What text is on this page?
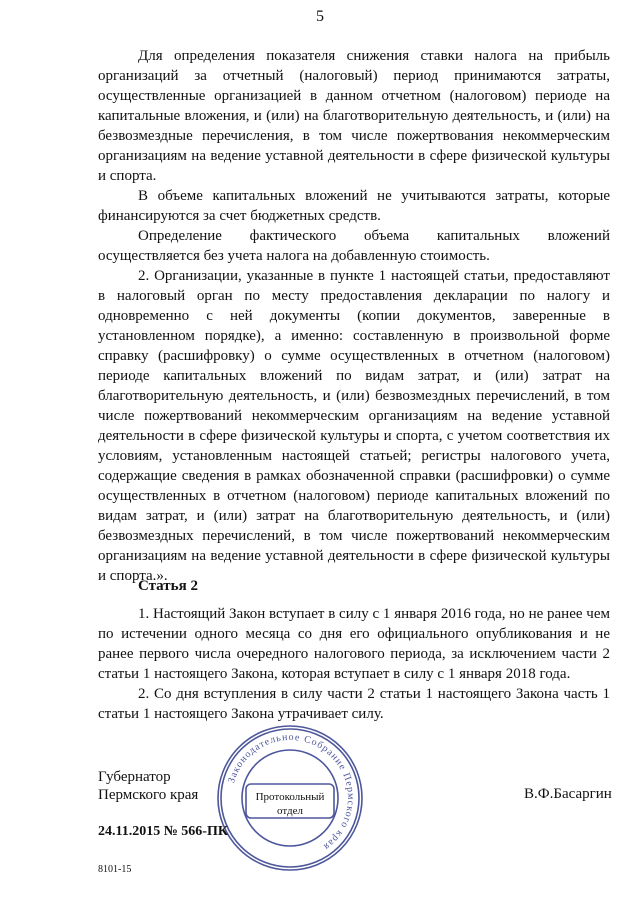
5

Для определения показателя снижения ставки налога на прибыль организаций за отчетный (налоговый) период принимаются затраты, осуществленные организацией в данном отчетном (налоговом) периоде на капитальные вложения, и (или) на благотворительную деятельность, и (или) на безвозмездные перечисления, в том числе пожертвования некоммерческим организациям на ведение уставной деятельности в сфере физической культуры и спорта.

В объеме капитальных вложений не учитываются затраты, которые финансируются за счет бюджетных средств.

Определение фактического объема капитальных вложений осуществляется без учета налога на добавленную стоимость.

2. Организации, указанные в пункте 1 настоящей статьи, предоставляют в налоговый орган по месту предоставления декларации по налогу и одновременно с ней документы (копии документов, заверенные в установленном порядке), а именно: составленную в произвольной форме справку (расшифровку) о сумме осуществленных в отчетном (налоговом) периоде капитальных вложений по видам затрат, и (или) затрат на благотворительную деятельность, и (или) безвозмездных перечислений, в том числе пожертвований некоммерческим организациям на ведение уставной деятельности в сфере физической культуры и спорта, с учетом соответствия их условиям, установленным настоящей статьей; регистры налогового учета, содержащие сведения в рамках обозначенной справки (расшифровки) о сумме осуществленных в отчетном (налоговом) периоде капитальных вложений по видам затрат, и (или) затрат на благотворительную деятельность, и (или) безвозмездных перечислений, в том числе пожертвований некоммерческим организациям на ведение уставной деятельности в сфере физической культуры и спорта.».

Статья 2

1. Настоящий Закон вступает в силу с 1 января 2016 года, но не ранее чем по истечении одного месяца со дня его официального опубликования и не ранее первого числа очередного налогового периода, за исключением части 2 статьи 1 настоящего Закона, которая вступает в силу с 1 января 2018 года.

2. Со дня вступления в силу части 2 статьи 1 настоящего Закона часть 1 статьи 1 настоящего Закона утрачивает силу.

Губернатор
Пермского края	В.Ф.Басаргин
Законодательное Собрание Пермского края
Протокольный
отдел
24.11.2015 № 566-ПК
8101-15
